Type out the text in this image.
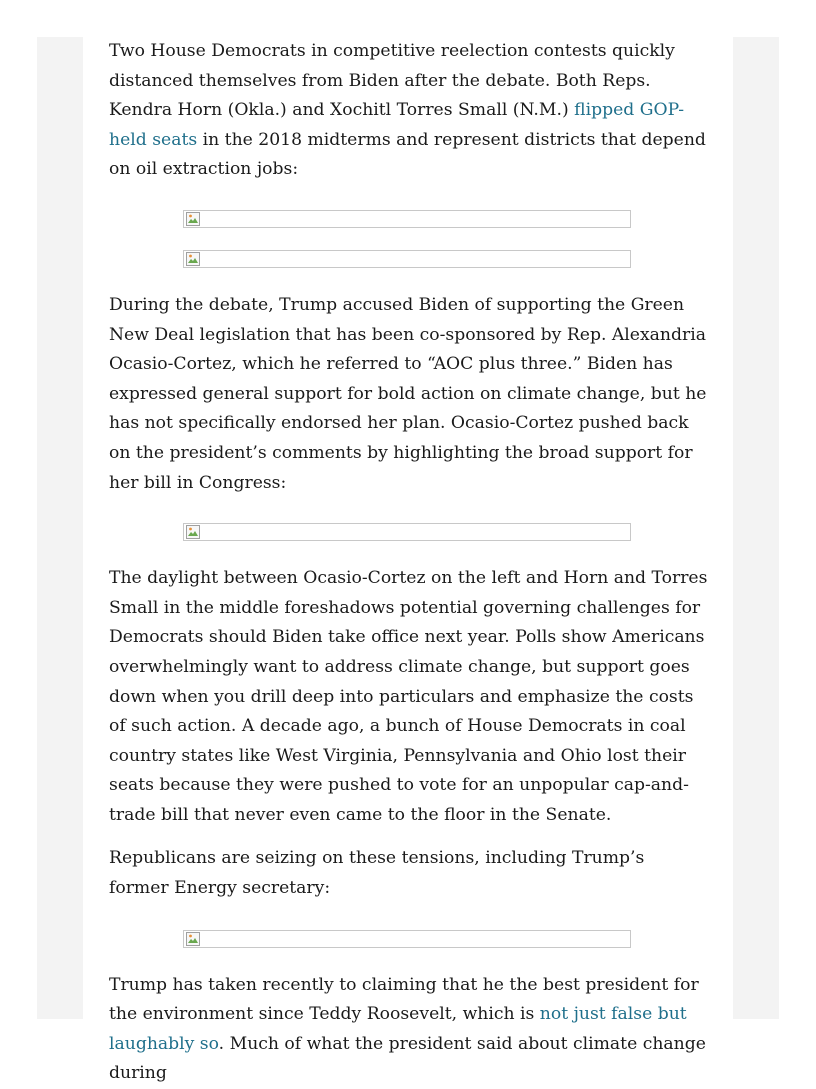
Two House Democrats in competitive reelection contests quickly distanced themselves from Biden after the debate. Both Reps. Kendra Horn (Okla.) and Xochitl Torres Small (N.M.) flipped GOP-held seats in the 2018 midterms and represent districts that depend on oil extraction jobs:

During the debate, Trump accused Biden of supporting the Green New Deal legislation that has been co-sponsored by Rep. Alexandria Ocasio-Cortez, which he referred to “AOC plus three.” Biden has expressed general support for bold action on climate change, but he has not specifically endorsed her plan. Ocasio-Cortez pushed back on the president’s comments by highlighting the broad support for her bill in Congress:

The daylight between Ocasio-Cortez on the left and Horn and Torres Small in the middle foreshadows potential governing challenges for Democrats should Biden take office next year. Polls show Americans overwhelmingly want to address climate change, but support goes down when you drill deep into particulars and emphasize the costs of such action. A decade ago, a bunch of House Democrats in coal country states like West Virginia, Pennsylvania and Ohio lost their seats because they were pushed to vote for an unpopular cap-and-trade bill that never even came to the floor in the Senate.

Republicans are seizing on these tensions, including Trump’s former Energy secretary:

Trump has taken recently to claiming that he the best president for the environment since Teddy Roosevelt, which is not just false but laughably so. Much of what the president said about climate change during
